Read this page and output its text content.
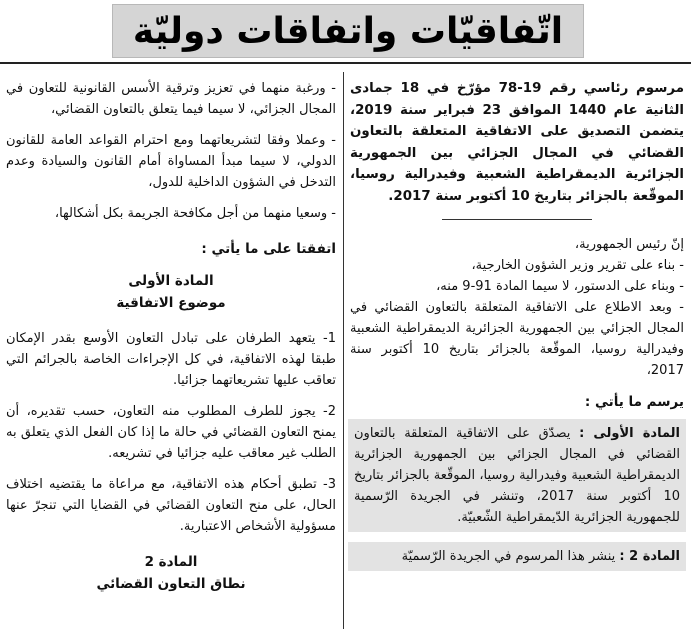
اتّفاقيّات واتفاقات دوليّة

مرسوم رئاسي رقم 19-78 مؤرّخ في 18 جمادى الثانية عام 1440 الموافق 23 فبراير سنة 2019، يتضمن التصديق على الاتفاقية المتعلقة بالتعاون القضائي في المجال الجزائي بين الجمهورية الجزائرية الديمقراطية الشعبية وفيدرالية روسيا، الموقّعة بالجزائر بتاريخ 10 أكتوبر سنة 2017.

إنّ رئيس الجمهورية،

- بناء على تقرير وزير الشؤون الخارجية،

- وبناء على الدستور، لا سيما المادة 91-9 منه،

- وبعد الاطلاع على الاتفاقية المتعلقة بالتعاون القضائي في المجال الجزائي بين الجمهورية الجزائرية الديمقراطية الشعبية وفيدرالية روسيا، الموقّعة بالجزائر بتاريخ 10 أكتوبر سنة 2017،

يرسم ما يأتي :

المادة الأولى : يصدّق على الاتفاقية المتعلقة بالتعاون القضائي في المجال الجزائي بين الجمهورية الجزائرية الديمقراطية الشعبية وفيدرالية روسيا، الموقّعة بالجزائر بتاريخ 10 أكتوبر سنة 2017، وتنشر في الجريدة الرّسمية للجمهورية الجزائرية الدّيمقراطية الشّعبيّة.

المادة 2 : ينشر هذا المرسوم في الجريدة الرّسميّة

- ورغبة منهما في تعزيز وترقية الأسس القانونية للتعاون في المجال الجزائي، لا سيما فيما يتعلق بالتعاون القضائي،

- وعملا وفقا لتشريعاتهما ومع احترام القواعد العامة للقانون الدولي، لا سيما مبدأ المساواة أمام القانون والسيادة وعدم التدخل في الشؤون الداخلية للدول،

- وسعيا منهما من أجل مكافحة الجريمة بكل أشكالها،

اتفقتا على ما يأتي :

المادة الأولى

موضوع الاتفاقية

1- يتعهد الطرفان على تبادل التعاون الأوسع بقدر الإمكان طبقا لهذه الاتفاقية، في كل الإجراءات الخاصة بالجرائم التي تعاقب عليها تشريعاتهما جزائيا.

2- يجوز للطرف المطلوب منه التعاون، حسب تقديره، أن يمنح التعاون القضائي في حالة ما إذا كان الفعل الذي يتعلق به الطلب غير معاقب عليه جزائيا في تشريعه.

3- تطبق أحكام هذه الاتفاقية، مع مراعاة ما يقتضيه اختلاف الحال، على منح التعاون القضائي في القضايا التي تنجرّ عنها مسؤولية الأشخاص الاعتبارية.

المادة 2

نطاق التعاون القضائي
